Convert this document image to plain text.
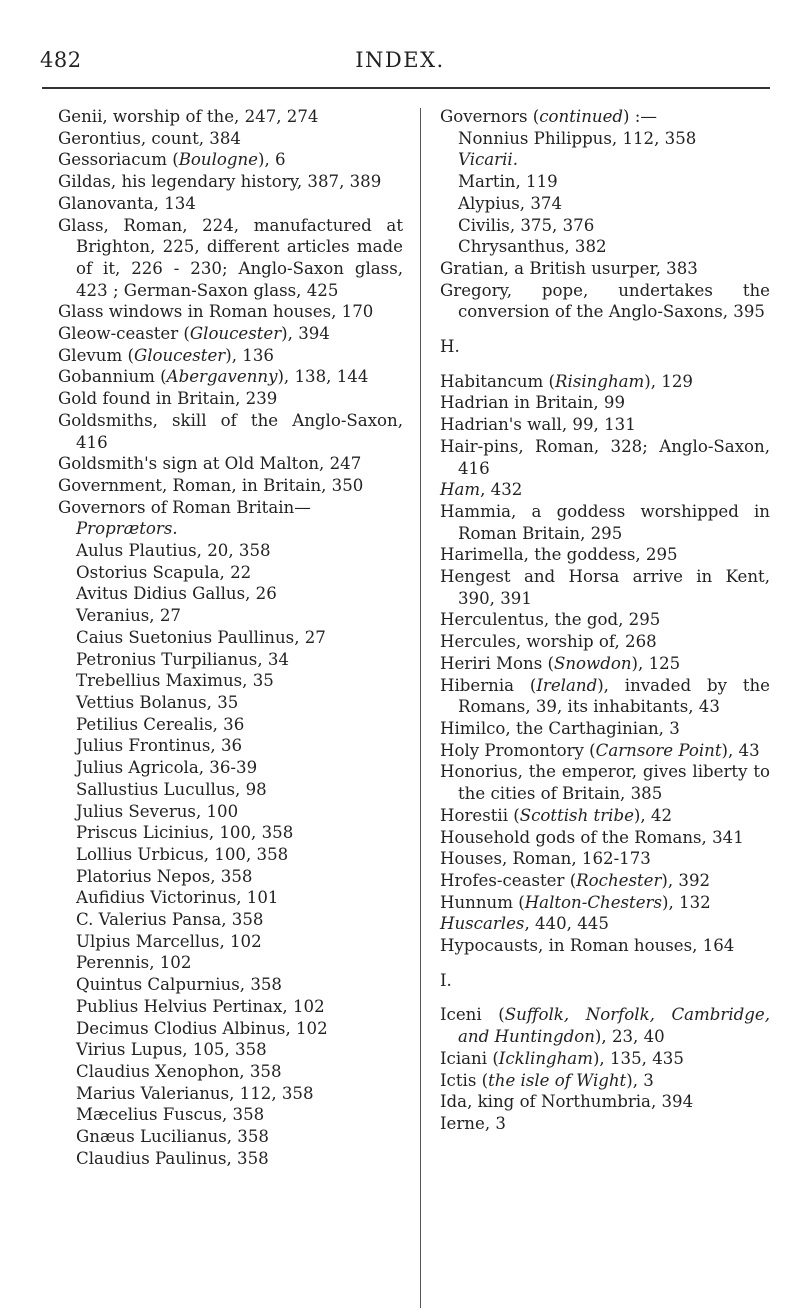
482	INDEX.
Genii, worship of the, 247, 274
Gerontius, count, 384
Gessoriacum (Boulogne), 6
Gildas, his legendary history, 387, 389
Glanovanta, 134
Glass, Roman, 224, manufactured at Brighton, 225, different articles made of it, 226 - 230; Anglo-Saxon glass, 423 ; German-Saxon glass, 425
Glass windows in Roman houses, 170
Gleow-ceaster (Gloucester), 394
Glevum (Gloucester), 136
Gobannium (Abergavenny), 138, 144
Gold found in Britain, 239
Goldsmiths, skill of the Anglo-Saxon, 416
Goldsmith's sign at Old Malton, 247
Government, Roman, in Britain, 350
Governors of Roman Britain—
Proprætors.
Aulus Plautius, 20, 358
Ostorius Scapula, 22
Avitus Didius Gallus, 26
Veranius, 27
Caius Suetonius Paullinus, 27
Petronius Turpilianus, 34
Trebellius Maximus, 35
Vettius Bolanus, 35
Petilius Cerealis, 36
Julius Frontinus, 36
Julius Agricola, 36-39
Sallustius Lucullus, 98
Julius Severus, 100
Priscus Licinius, 100, 358
Lollius Urbicus, 100, 358
Platorius Nepos, 358
Aufidius Victorinus, 101
C. Valerius Pansa, 358
Ulpius Marcellus, 102
Perennis, 102
Quintus Calpurnius, 358
Publius Helvius Pertinax, 102
Decimus Clodius Albinus, 102
Virius Lupus, 105, 358
Claudius Xenophon, 358
Marius Valerianus, 112, 358
Mæcelius Fuscus, 358
Gnæus Lucilianus, 358
Claudius Paulinus, 358
Governors (continued) :—
Nonnius Philippus, 112, 358
Vicarii.
Martin, 119
Alypius, 374
Civilis, 375, 376
Chrysanthus, 382
Gratian, a British usurper, 383
Gregory, pope, undertakes the conversion of the Anglo-Saxons, 395
H.
Habitancum (Risingham), 129
Hadrian in Britain, 99
Hadrian's wall, 99, 131
Hair-pins, Roman, 328; Anglo-Saxon, 416
Ham, 432
Hammia, a goddess worshipped in Roman Britain, 295
Harimella, the goddess, 295
Hengest and Horsa arrive in Kent, 390, 391
Herculentus, the god, 295
Hercules, worship of, 268
Heriri Mons (Snowdon), 125
Hibernia (Ireland), invaded by the Romans, 39, its inhabitants, 43
Himilco, the Carthaginian, 3
Holy Promontory (Carnsore Point), 43
Honorius, the emperor, gives liberty to the cities of Britain, 385
Horestii (Scottish tribe), 42
Household gods of the Romans, 341
Houses, Roman, 162-173
Hrofes-ceaster (Rochester), 392
Hunnum (Halton-Chesters), 132
Huscarles, 440, 445
Hypocausts, in Roman houses, 164
I.
Iceni (Suffolk, Norfolk, Cambridge, and Huntingdon), 23, 40
Iciani (Icklingham), 135, 435
Ictis (the isle of Wight), 3
Ida, king of Northumbria, 394
Ierne, 3
